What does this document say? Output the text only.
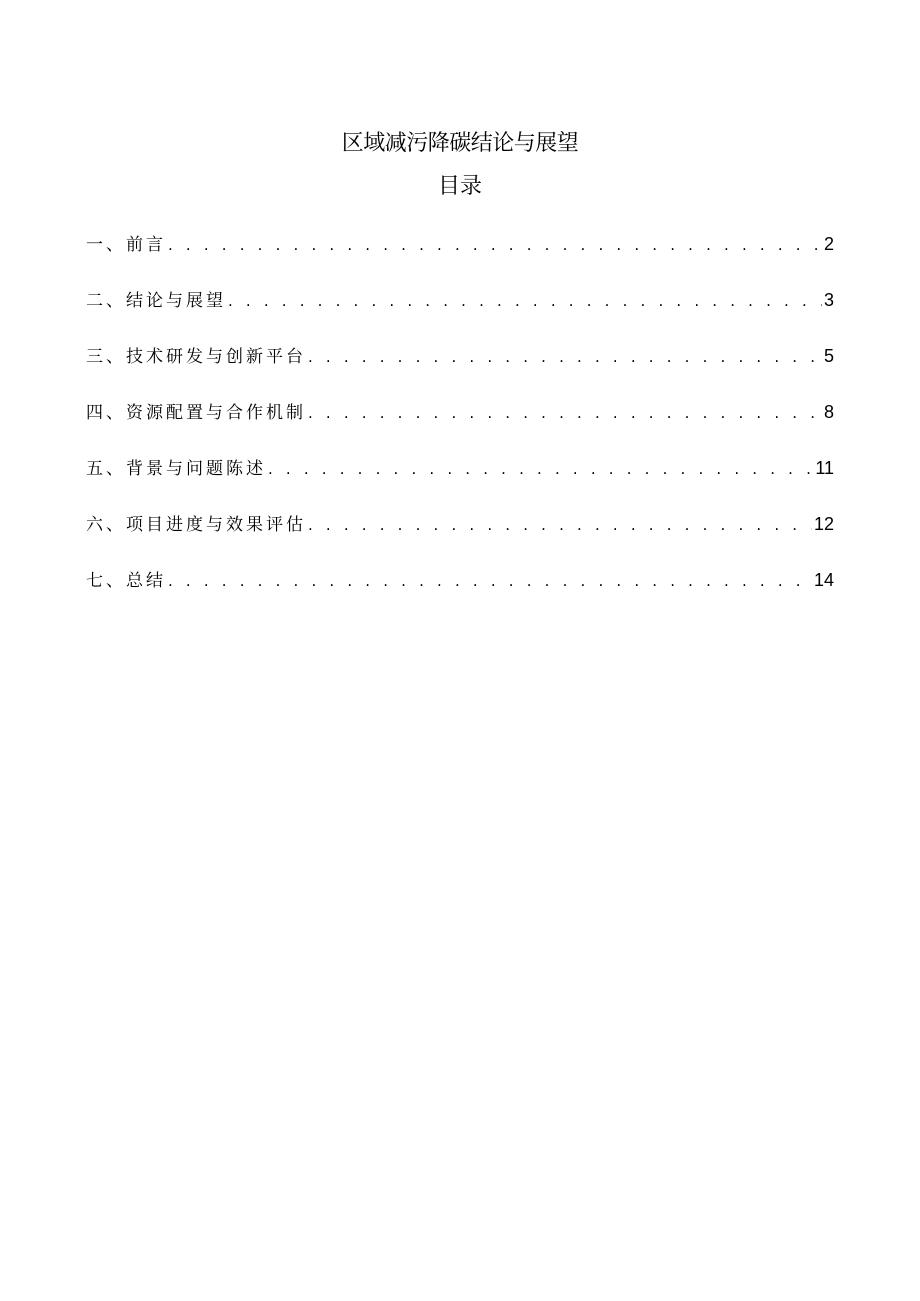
区域减污降碳结论与展望
目录
一、前言 . . .	2
二、结论与展望 . . .	3
三、技术研发与创新平台 . . .	5
四、资源配置与合作机制 . . .	8
五、背景与问题陈述 . . .	11
六、项目进度与效果评估 . . .	12
七、总结 . . .	14
